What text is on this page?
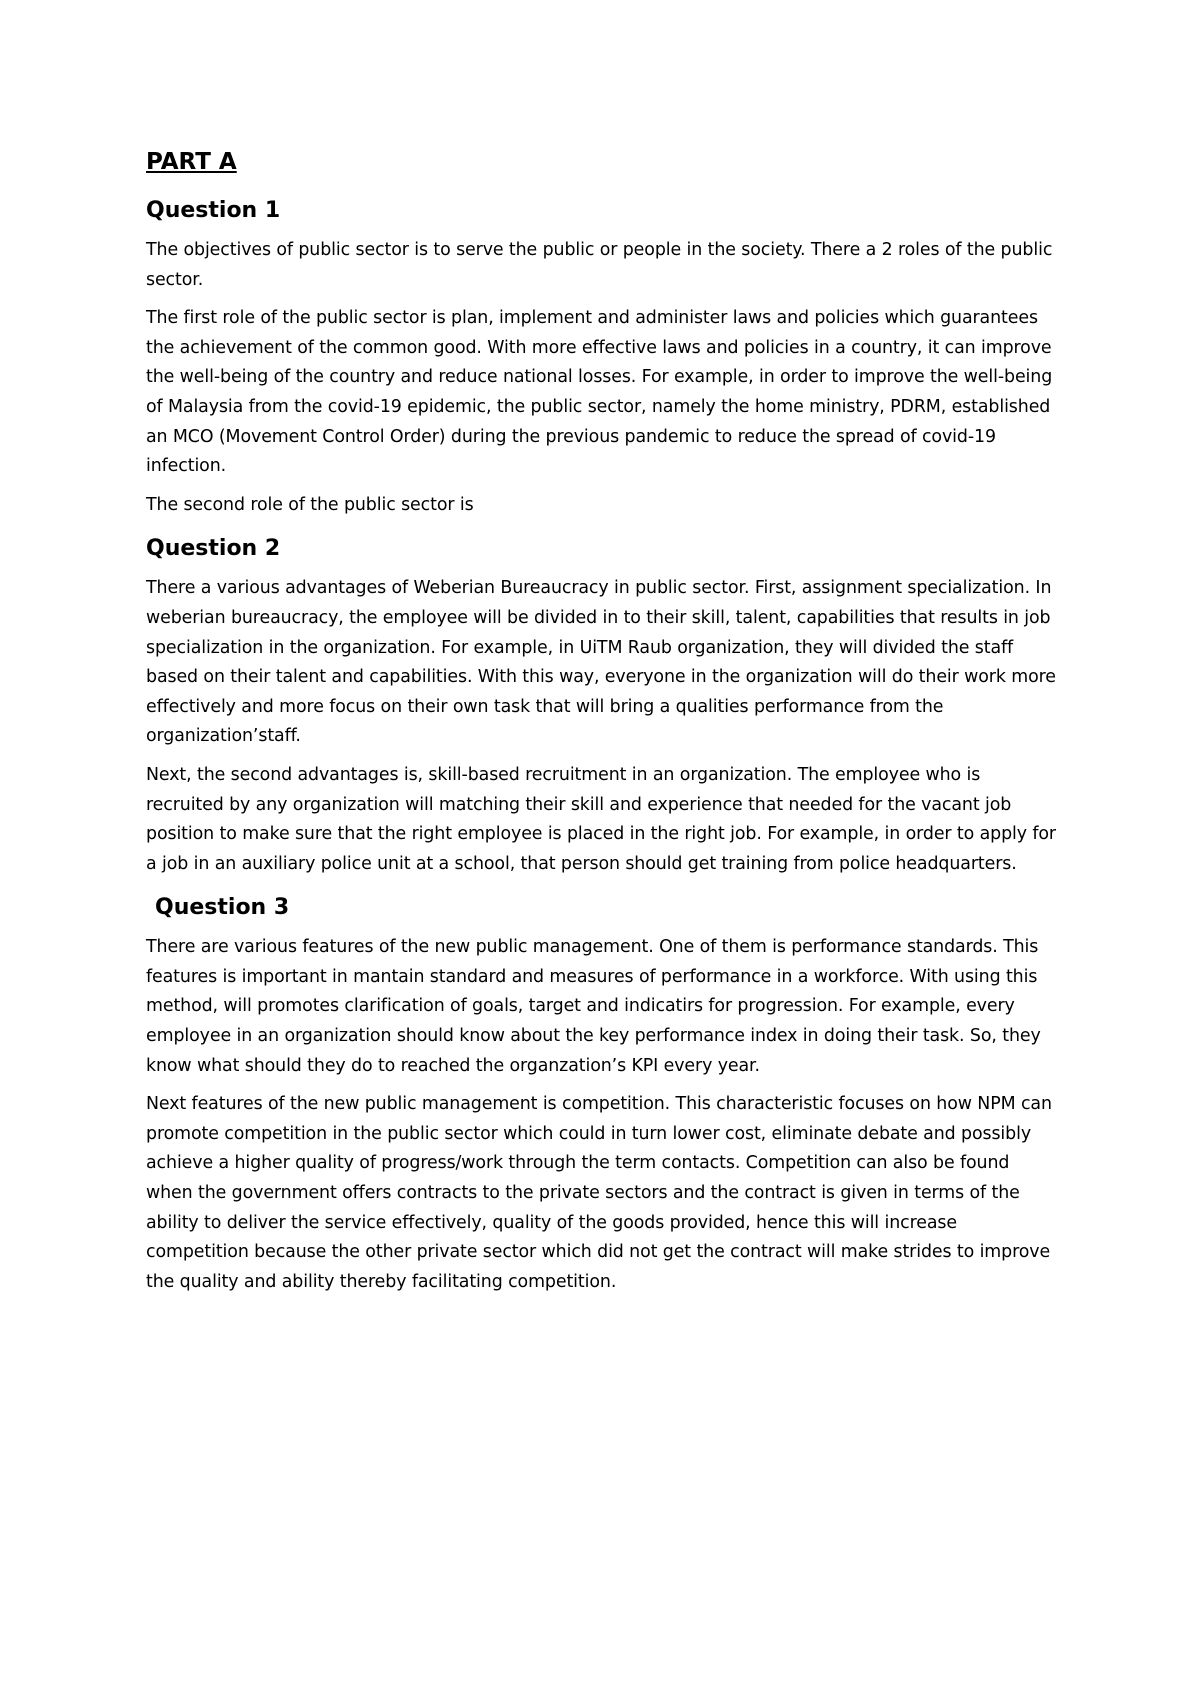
PART A
Question 1

The objectives of public sector is to serve the public or people in the society. There a 2 roles of the public sector.

The first role of the public sector is plan, implement and administer laws and policies which guarantees the achievement of the common good. With more effective laws and policies in a country, it can improve the well-being of the country and reduce national losses. For example, in order to improve the well-being of Malaysia from the covid-19 epidemic, the public sector, namely the home ministry, PDRM, established an MCO (Movement Control Order) during the previous pandemic to reduce the spread of covid-19 infection.

The second role of the public sector is

Question 2

There a various advantages of Weberian Bureaucracy in public sector. First, assignment specialization. In weberian bureaucracy, the employee will be divided in to their skill, talent, capabilities that results in job specialization in the organization. For example, in UiTM Raub organization, they will divided the staff based on their talent and capabilities. With this way, everyone in the organization will do their work more effectively and more focus on their own task that will bring a qualities performance from the organization’staff.

Next, the second advantages is, skill-based recruitment in an organization. The employee who is recruited by any organization will matching their skill and experience that needed for the vacant job position to make sure that the right employee is placed in the right job. For example, in order to apply for a job in an auxiliary police unit at a school, that person should get training from police headquarters.

Question 3

There are various features of the new public management. One of them is performance standards. This features is important in mantain standard and measures of performance in a workforce. With using this method, will promotes clarification of goals, target and indicatirs for progression. For example, every employee in an organization should know about the key performance index in doing their task. So, they know what should they do to reached the organzation’s KPI every year.

Next features of the new public management is competition. This characteristic focuses on how NPM can promote competition in the public sector which could in turn lower cost, eliminate debate and possibly achieve a higher quality of progress/work through the term contacts. Competition can also be found when the government offers contracts to the private sectors and the contract is given in terms of the ability to deliver the service effectively, quality of the goods provided, hence this will increase competition because the other private sector which did not get the contract will make strides to improve the quality and ability thereby facilitating competition.
